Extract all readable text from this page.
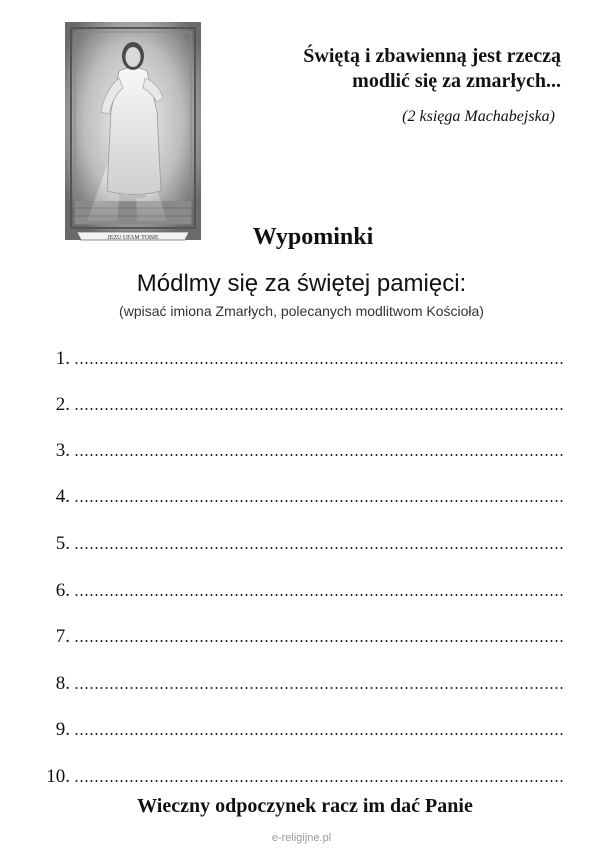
JEZU UFAM TOBIE
Świętą i zbawienną jest rzeczą
modlić się za zmarłych...
(2 księga Machabejska)
Wypominki
Módlmy się za świętej pamięci:
(wpisać imiona Zmarłych, polecanych modlitwom Kościoła)
1.
2.
3.
4.
5.
6.
7.
8.
9.
10.
Wieczny odpoczynek racz im dać Panie
e-religijne.pl
